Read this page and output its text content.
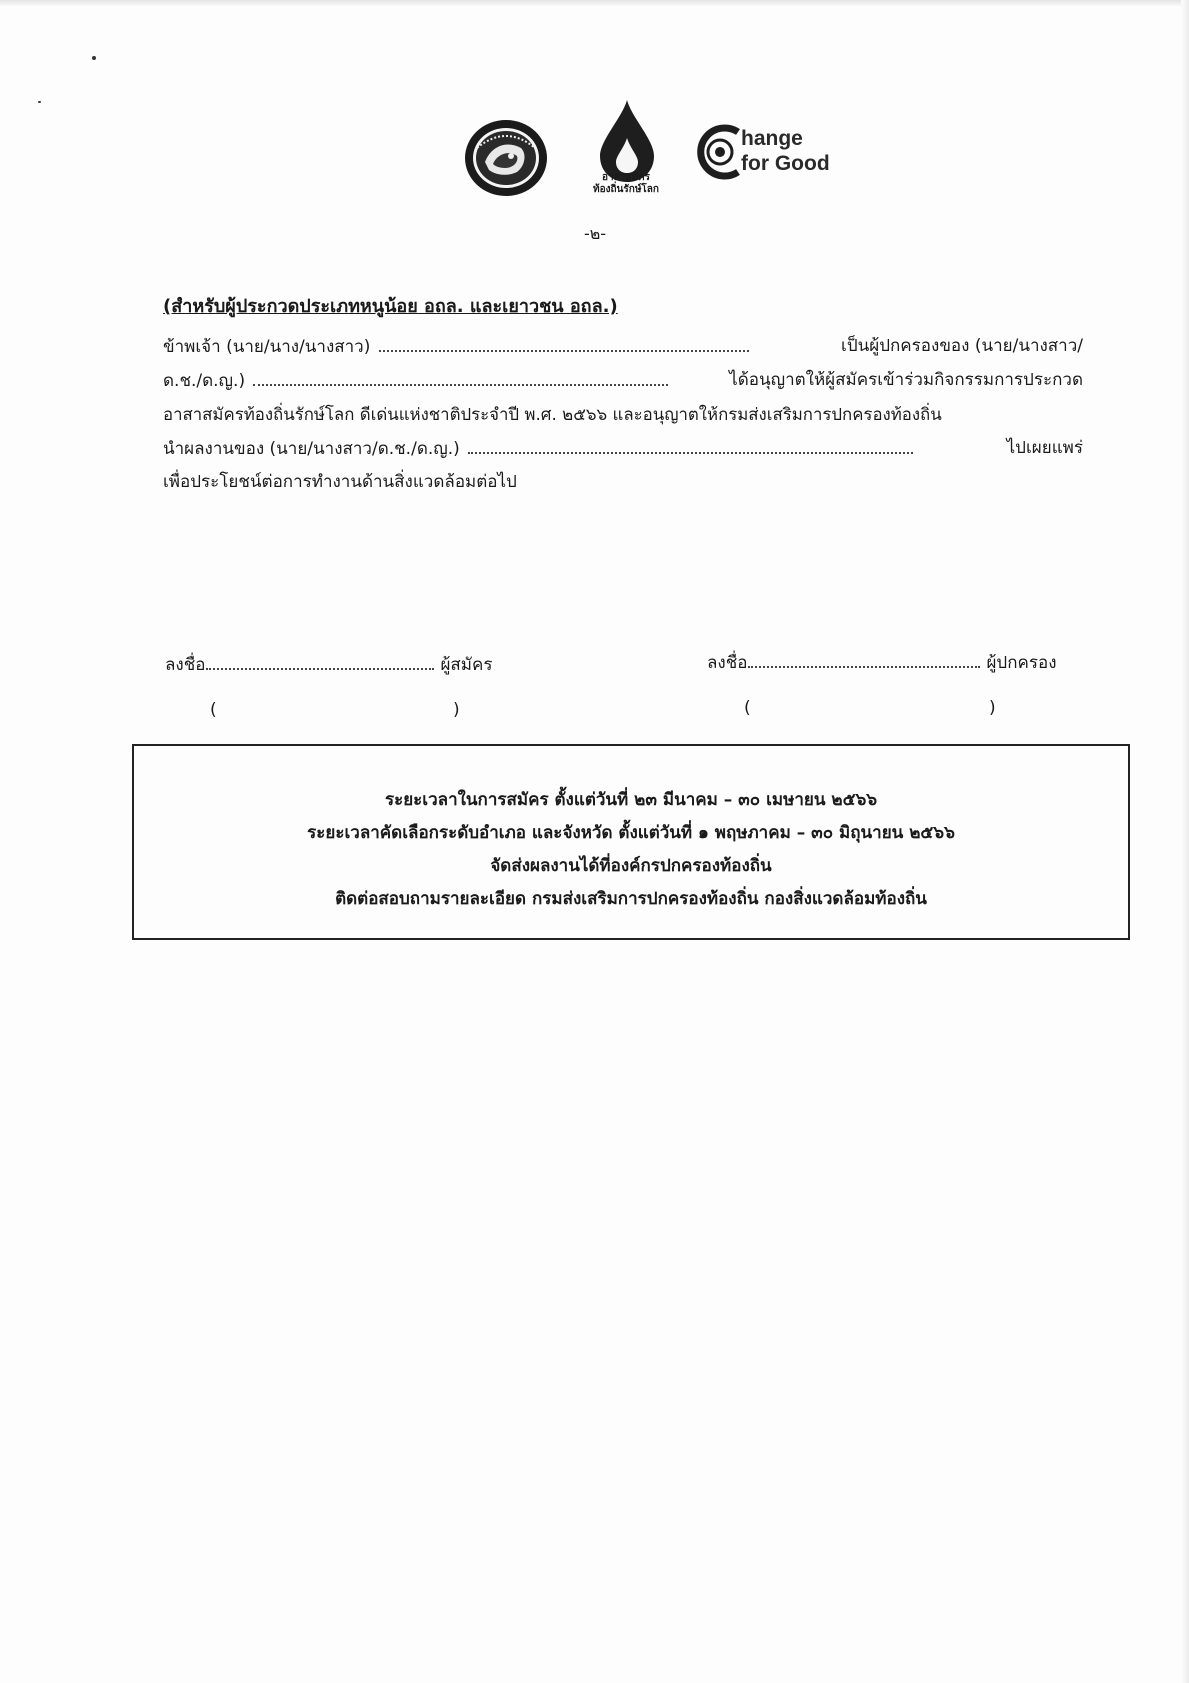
อาสาสมัคร
ท้องถิ่นรักษ์โลก
hange
for Good
-๒-
(สำหรับผู้ประกวดประเภทหนูน้อย อถล. และเยาวชน อถล.)
ข้าพเจ้า (นาย/นาง/นางสาว)	เป็นผู้ปกครองของ (นาย/นางสาว/
ด.ช./ด.ญ.)	ได้อนุญาตให้ผู้สมัครเข้าร่วมกิจกรรมการประกวด
อาสาสมัครท้องถิ่นรักษ์โลก ดีเด่นแห่งชาติประจำปี พ.ศ. ๒๕๖๖ และอนุญาตให้กรมส่งเสริมการปกครองท้องถิ่น
นำผลงานของ (นาย/นางสาว/ด.ช./ด.ญ.)	ไปเผยแพร่
เพื่อประโยชน์ต่อการทำงานด้านสิ่งแวดล้อมต่อไป
ลงชื่อ	ผู้สมัคร
(	)
ลงชื่อ	ผู้ปกครอง
(	)
ระยะเวลาในการสมัคร ตั้งแต่วันที่ ๒๓ มีนาคม – ๓๐ เมษายน ๒๕๖๖
ระยะเวลาคัดเลือกระดับอำเภอ และจังหวัด ตั้งแต่วันที่ ๑ พฤษภาคม – ๓๐ มิถุนายน ๒๕๖๖
จัดส่งผลงานได้ที่องค์กรปกครองท้องถิ่น
ติดต่อสอบถามรายละเอียด กรมส่งเสริมการปกครองท้องถิ่น กองสิ่งแวดล้อมท้องถิ่น
